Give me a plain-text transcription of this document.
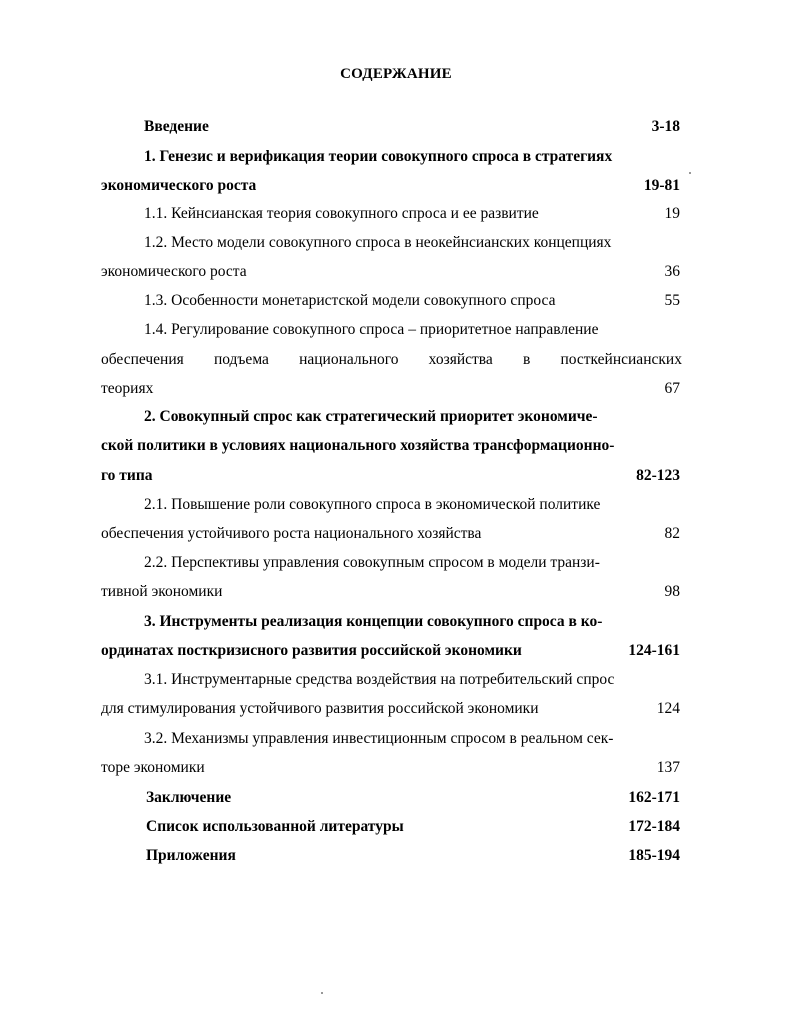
СОДЕРЖАНИЕ
Введение	3-18
1. Генезис и верификация теории совокупного спроса в стратегиях
экономического роста	19-81
1.1. Кейнсианская теория совокупного спроса и ее развитие	19
1.2. Место модели совокупного спроса в неокейнсианских концепциях
экономического роста	36
1.3. Особенности монетаристской модели совокупного спроса	55
1.4. Регулирование совокупного спроса – приоритетное направление
обеспечения подъема национального хозяйства в посткейнсианских
теориях	67
2. Совокупный спрос как стратегический приоритет экономиче-
ской политики в условиях национального хозяйства трансформационно-
го типа	82-123
2.1. Повышение роли совокупного спроса в экономической политике
обеспечения устойчивого роста национального хозяйства	82
2.2. Перспективы управления совокупным спросом в модели транзи-
тивной экономики	98
3. Инструменты реализация концепции совокупного спроса в ко-
ординатах посткризисного развития российской экономики	124-161
3.1. Инструментарные средства воздействия на потребительский спрос
для стимулирования устойчивого развития российской экономики	124
3.2. Механизмы управления инвестиционным спросом в реальном сек-
торе экономики	137
Заключение	162-171
Список использованной литературы	172-184
Приложения	185-194
